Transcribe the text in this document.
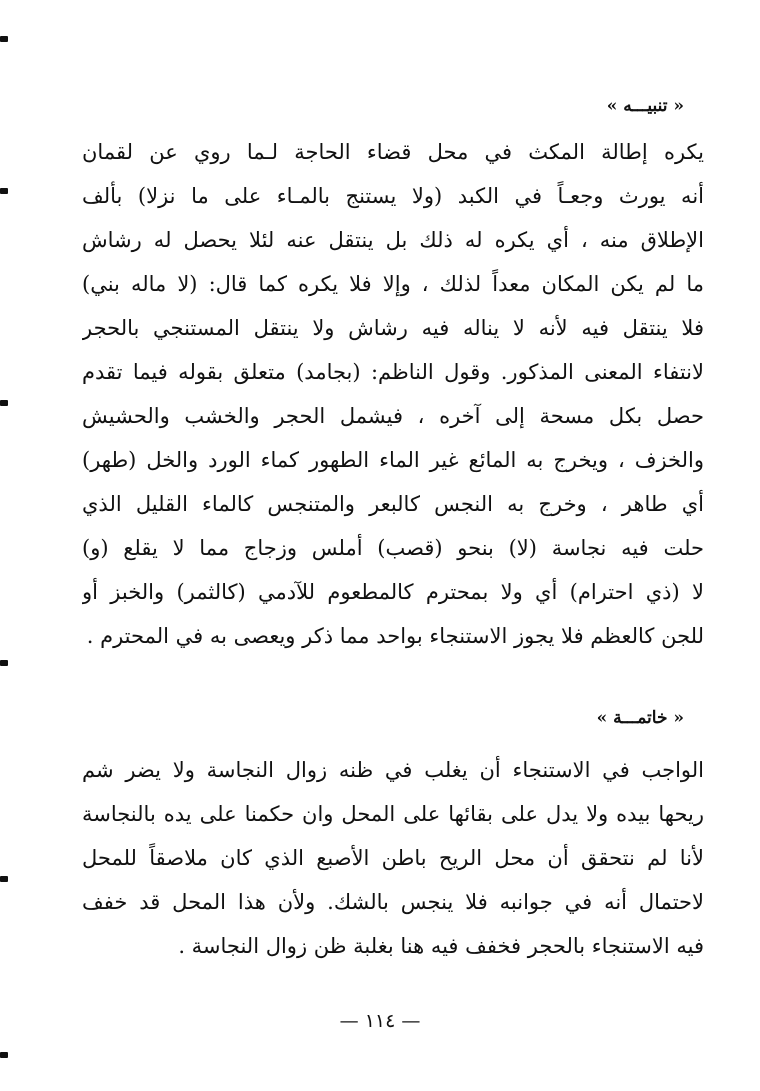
« تنبيـــه »
يكره إطالة المكث في محل قضاء الحاجة لـما روي عن لقمان
أنه يورث وجعـاً في الكبد (ولا يستنج بالمـاء على ما نزلا) بألف
الإطلاق منه ، أي يكره له ذلك بل ينتقل عنه لئلا يحصل له رشاش
ما لم يكن المكان معداً لذلك ، وإلا فلا يكره كما قال: (لا ماله بني)
فلا ينتقل فيه لأنه لا يناله فيه رشاش ولا ينتقل المستنجي بالحجر
لانتفاء المعنى المذكور. وقول الناظم: (بجامد) متعلق بقوله فيما تقدم
حصل بكل مسحة إلى آخره ، فيشمل الحجر والخشب والحشيش
والخزف ، ويخرج به المائع غير الماء الطهور كماء الورد والخل (طهر)
أي طاهر ، وخرج به النجس كالبعر والمتنجس كالماء القليل الذي
حلت فيه نجاسة (لا) بنحو (قصب) أملس وزجاج مما لا يقلع (و)
لا (ذي احترام) أي ولا بمحترم كالمطعوم للآدمي (كالثمر) والخبز أو
للجن كالعظم فلا يجوز الاستنجاء بواحد مما ذكر ويعصى به في المحترم .
« خاتمـــة »
الواجب في الاستنجاء أن يغلب في ظنه زوال النجاسة ولا يضر شم
ريحها بيده ولا يدل على بقائها على المحل وان حكمنا على يده بالنجاسة
لأنا لم نتحقق أن محل الريح باطن الأصبع الذي كان ملاصقاً للمحل
لاحتمال أنه في جوانبه فلا ينجس بالشك. ولأن هذا المحل قد خفف
فيه الاستنجاء بالحجر فخفف فيه هنا بغلبة ظن زوال النجاسة .
— ١١٤ —
